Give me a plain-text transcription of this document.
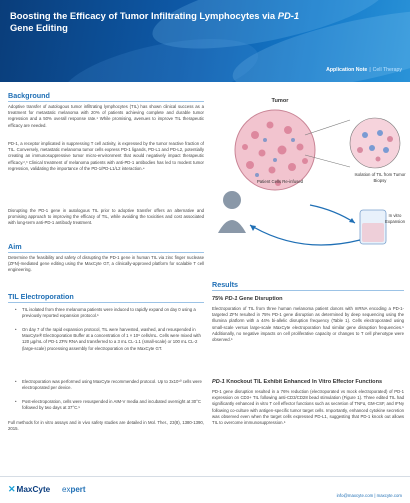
Boosting the Efficacy of Tumor Infiltrating Lymphocytes via PD-1
Gene Editing
Application Note | Cell Therapy
Background
Adoptive transfer of autologous tumor infiltrating lymphocytes (TIL) has shown clinical success as a treatment for metastatic melanoma with 20% of patients achieving complete and durable tumor regression and a 50% overall response rate.¹ While promising, avenues to improve TIL therapeutic efficacy are needed.
PD-1, a receptor implicated in suppressing T cell activity, is expressed by the tumor reactive fraction of TIL. Conversely, metastatic melanoma tumor cells express PD-1 ligands, PD-L1 and PD-L2, potentially creating an immunosuppressive tumor micro-environment that would negatively impact therapeutic efficacy.²,³ Clinical treatment of melanoma patients with anti-PD-1 antibodies has led to modest tumor regression, validating the importance of the PD-1/PD-L1/L2 interaction.⁴
Disrupting the PD-1 gene in autologous TIL prior to adoptive transfer offers an alternative and promising approach to improving the efficacy of TIL, while avoiding the toxicities and cost associated with long-term anti-PD-1 antibody treatment.
Tumor
Isolation of TIL from Tumor Biopsy
Patient Cells Re-infused
In vitro Expansion
Aim
Determine the feasibility and safety of disrupting the PD-1 gene in human TIL via zinc finger nuclease (ZFN)-mediated gene editing using the MaxCyte GT, a clinically-approved platform for scalable T cell engineering.
TIL Electroporation
• TIL isolated from three melanoma patients were induced to rapidly expand on day 0 using a previously reported expansion protocol.⁵
• On day 7 of the rapid expansion protocol, TIL were harvested, washed, and resuspended in MaxCyte® Electroporation Buffer at a concentration of 1 × 10⁸ cells/mL. Cells were mixed with 120 µg/mL of PD-1 ZFN RNA and transferred to a 3 mL CL-1.1 (small-scale) or 100 mL CL-2 (large-scale) processing assembly for electroporation on the MaxCyte GT.
• Electroporation was performed using MaxCyte recommended protocol. Up to 3x10¹⁰ cells were electroporated per device.
• Post-electroporation, cells were resuspended in AIM-V media and incubated overnight at 30°C followed by two days at 37°C.⁵
Full methods for in vitro assays and in vivo safety studies are detailed in Mol. Ther., 23(8), 1380-1390, 2015.
Results
75% PD-1 Gene Disruption
Electroporation of TIL from three human melanoma patient donors with mRNA encoding a PD-1-targeted ZFN resulted in 75% PD-1 gene disruption as determined by deep sequencing using the Illumina platform with a 44% bi-allelic disruption frequency (Table 1). Cells electroporated using small-scale versus large-scale MaxCyte electroporation had similar gene disruption frequencies.⁵ Additionally, no negative impacts on cell proliferative capacity or changes to T cell phenotype were observed.⁵
PD-1 Knockout TIL Exhibit Enhanced In Vitro Effector Functions
PD-1 gene disruption resulted in a 76% reduction (electroporated vs mock electroporated) of PD-1 expression on CD3+ TIL following anti-CD3/CD28 bead stimulation (Figure 1). Three edited TIL had significantly enhanced in vitro T cell effector functions such as secretion of TNFα, GM-CSF, and IFNγ following co-culture with antigen-specific tumor target cells. Importantly, enhanced cytokine secretion was observed even when the target cells expressed PD-L1, suggesting that PD-1 knock out allows TIL to overcome immunosuppression.⁵
✕MaxCyte expert
info@maxcyte.com | maxcyte.com
